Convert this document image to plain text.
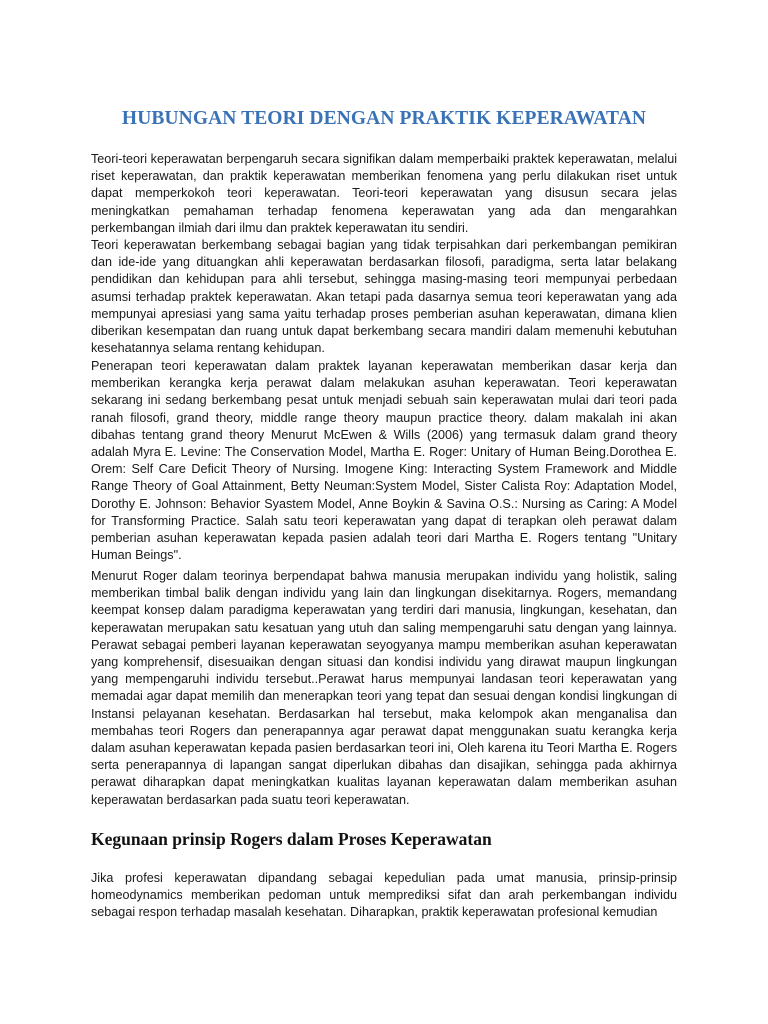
HUBUNGAN TEORI DENGAN PRAKTIK KEPERAWATAN

Teori-teori keperawatan berpengaruh secara signifikan dalam memperbaiki praktek keperawatan, melalui riset keperawatan, dan praktik keperawatan memberikan fenomena yang perlu dilakukan riset untuk dapat memperkokoh teori keperawatan. Teori-teori keperawatan yang disusun secara jelas meningkatkan pemahaman terhadap fenomena keperawatan yang ada dan mengarahkan perkembangan ilmiah dari ilmu dan praktek keperawatan itu sendiri.

Teori keperawatan berkembang sebagai bagian yang tidak terpisahkan dari perkembangan pemikiran dan ide-ide yang dituangkan ahli keperawatan berdasarkan filosofi, paradigma, serta latar belakang pendidikan dan kehidupan para ahli tersebut, sehingga masing-masing teori mempunyai perbedaan asumsi terhadap praktek keperawatan. Akan tetapi pada dasarnya semua teori keperawatan yang ada mempunyai apresiasi yang sama yaitu terhadap proses pemberian asuhan keperawatan, dimana klien diberikan kesempatan dan ruang untuk dapat berkembang secara mandiri dalam memenuhi kebutuhan kesehatannya selama rentang kehidupan.

Penerapan teori keperawatan dalam praktek layanan keperawatan memberikan dasar kerja dan memberikan kerangka kerja perawat dalam melakukan asuhan keperawatan. Teori keperawatan sekarang ini sedang berkembang pesat untuk menjadi sebuah sain keperawatan mulai dari teori pada ranah filosofi, grand theory, middle range theory maupun practice theory. dalam makalah ini akan dibahas tentang grand theory Menurut McEwen & Wills (2006) yang termasuk dalam grand theory adalah Myra E. Levine: The Conservation Model, Martha E. Roger: Unitary of Human Being.Dorothea E. Orem: Self Care Deficit Theory of Nursing. Imogene King: Interacting System Framework and Middle Range Theory of Goal Attainment, Betty Neuman:System Model, Sister Calista Roy: Adaptation Model, Dorothy E. Johnson: Behavior Syastem Model, Anne Boykin & Savina O.S.: Nursing as Caring: A Model for Transforming Practice. Salah satu teori keperawatan yang dapat di terapkan oleh perawat dalam pemberian asuhan keperawatan kepada pasien adalah teori dari Martha E. Rogers tentang "Unitary Human Beings".

Menurut Roger dalam teorinya berpendapat bahwa manusia merupakan individu yang holistik, saling memberikan timbal balik dengan individu yang lain dan lingkungan disekitarnya. Rogers, memandang keempat konsep dalam paradigma keperawatan yang terdiri dari manusia, lingkungan, kesehatan, dan keperawatan merupakan satu kesatuan yang utuh dan saling mempengaruhi satu dengan yang lainnya. Perawat sebagai pemberi layanan keperawatan seyogyanya mampu memberikan asuhan keperawatan yang komprehensif, disesuaikan dengan situasi dan kondisi individu yang dirawat maupun lingkungan yang mempengaruhi individu tersebut..Perawat harus mempunyai landasan teori keperawatan yang memadai agar dapat memilih dan menerapkan teori yang tepat dan sesuai dengan kondisi lingkungan di Instansi pelayanan kesehatan. Berdasarkan hal tersebut, maka kelompok akan menganalisa dan membahas teori Rogers dan penerapannya agar perawat dapat menggunakan suatu kerangka kerja dalam asuhan keperawatan kepada pasien berdasarkan teori ini, Oleh karena itu Teori Martha E. Rogers serta penerapannya di lapangan sangat diperlukan dibahas dan disajikan, sehingga pada akhirnya perawat diharapkan dapat meningkatkan kualitas layanan keperawatan dalam memberikan asuhan keperawatan berdasarkan pada suatu teori keperawatan.

Kegunaan prinsip Rogers dalam Proses Keperawatan

Jika profesi keperawatan dipandang sebagai kepedulian pada umat manusia, prinsip-prinsip homeodynamics memberikan pedoman untuk memprediksi sifat dan arah perkembangan individu sebagai respon terhadap masalah kesehatan. Diharapkan, praktik keperawatan profesional kemudian
